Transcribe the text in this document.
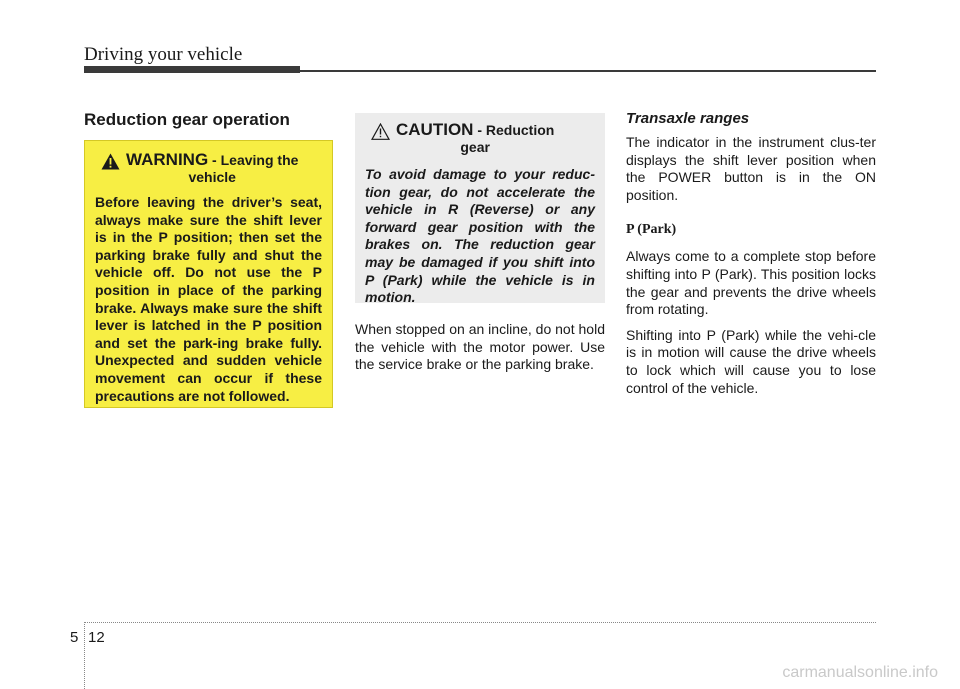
Driving your vehicle
Reduction gear operation
WARNING - Leaving the
vehicle
Before leaving the driver’s seat, always make sure the shift lever is in the P position; then set the parking brake fully and shut the vehicle off. Do not use the P position in place of the parking brake. Always make sure the shift lever is latched in the P position and set the park-ing brake fully. Unexpected and sudden vehicle movement can occur if these precautions are not followed.
CAUTION - Reduction
gear
To avoid damage to your reduc-tion gear, do not accelerate the vehicle in R (Reverse) or any forward gear position with the brakes on. The reduction gear may be damaged if you shift into P (Park) while the vehicle is in motion.
When stopped on an incline, do not hold the vehicle with the motor power. Use the service brake or the parking brake.
Transaxle ranges
The indicator in the instrument clus-ter displays the shift lever position when the POWER button is in the ON position.
P (Park)
Always come to a complete stop before shifting into P (Park). This position locks the gear and prevents the drive wheels from rotating.
Shifting into P (Park) while the vehi-cle is in motion will cause the drive wheels to lock which will cause you to lose control of the vehicle.
5 12
carmanualsonline.info
